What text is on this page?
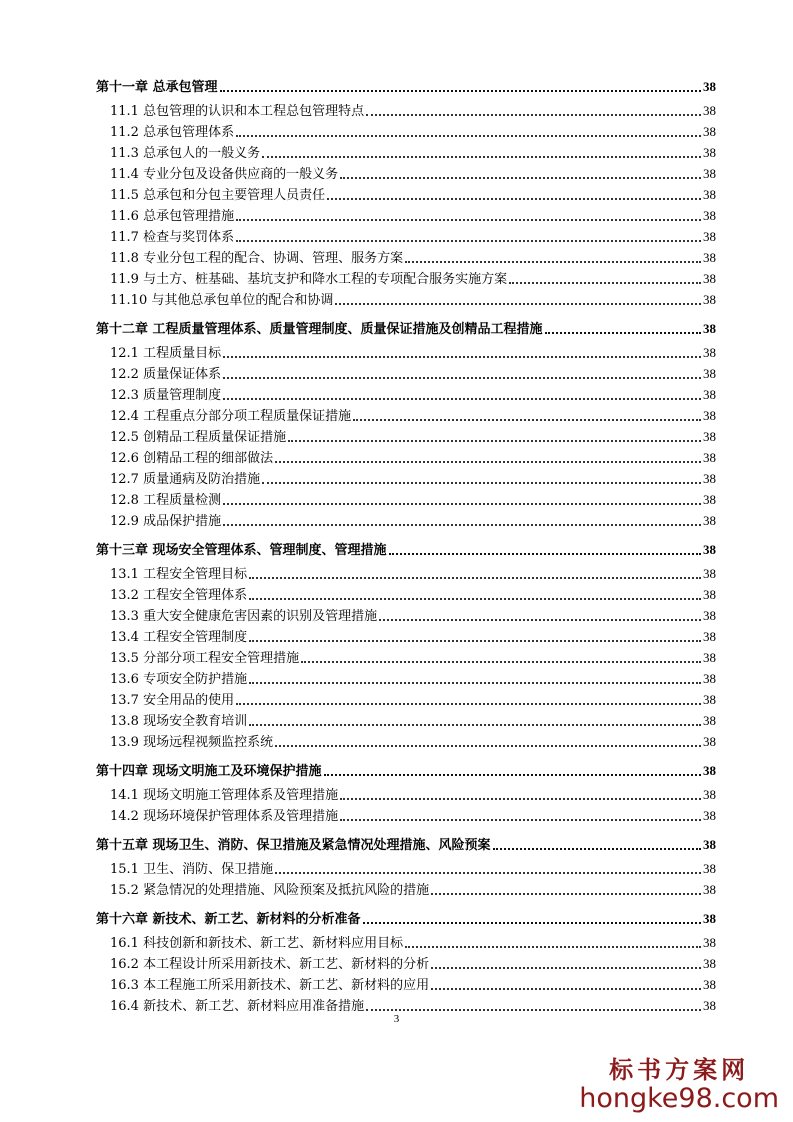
第十一章 总承包管理	38
11.1 总包管理的认识和本工程总包管理特点	38
11.2 总承包管理体系	38
11.3 总承包人的一般义务	38
11.4 专业分包及设备供应商的一般义务	38
11.5 总承包和分包主要管理人员责任	38
11.6 总承包管理措施	38
11.7 检查与奖罚体系	38
11.8 专业分包工程的配合、协调、管理、服务方案	38
11.9 与土方、桩基础、基坑支护和降水工程的专项配合服务实施方案	38
11.10 与其他总承包单位的配合和协调	38
第十二章 工程质量管理体系、质量管理制度、质量保证措施及创精品工程措施	38
12.1 工程质量目标	38
12.2 质量保证体系	38
12.3 质量管理制度	38
12.4 工程重点分部分项工程质量保证措施	38
12.5 创精品工程质量保证措施	38
12.6 创精品工程的细部做法	38
12.7 质量通病及防治措施	38
12.8 工程质量检测	38
12.9 成品保护措施	38
第十三章 现场安全管理体系、管理制度、管理措施	38
13.1 工程安全管理目标	38
13.2 工程安全管理体系	38
13.3 重大安全健康危害因素的识别及管理措施	38
13.4 工程安全管理制度	38
13.5 分部分项工程安全管理措施	38
13.6 专项安全防护措施	38
13.7 安全用品的使用	38
13.8 现场安全教育培训	38
13.9 现场远程视频监控系统	38
第十四章 现场文明施工及环境保护措施	38
14.1 现场文明施工管理体系及管理措施	38
14.2 现场环境保护管理体系及管理措施	38
第十五章 现场卫生、消防、保卫措施及紧急情况处理措施、风险预案	38
15.1 卫生、消防、保卫措施	38
15.2 紧急情况的处理措施、风险预案及抵抗风险的措施	38
第十六章 新技术、新工艺、新材料的分析准备	38
16.1 科技创新和新技术、新工艺、新材料应用目标	38
16.2 本工程设计所采用新技术、新工艺、新材料的分析	38
16.3 本工程施工所采用新技术、新工艺、新材料的应用	38
16.4 新技术、新工艺、新材料应用准备措施	38
3
标书方案网
hongke98.com
